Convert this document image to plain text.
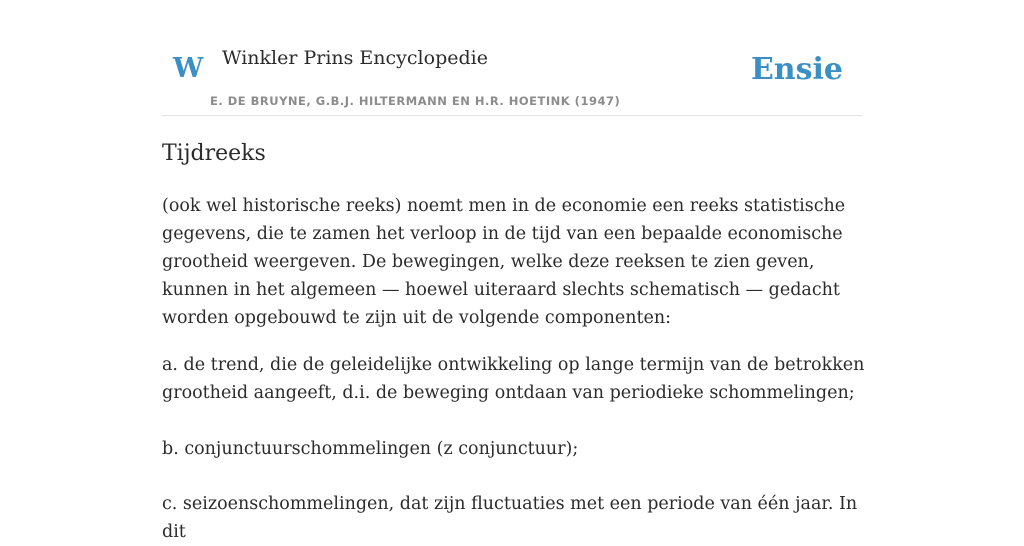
W Winkler Prins Encyclopedie
E. DE BRUYNE, G.B.J. HILTERMANN EN H.R. HOETINK (1947)
Ensie
Tijdreeks

(ook wel historische reeks) noemt men in de economie een reeks statistische gegevens, die te zamen het verloop in de tijd van een bepaalde economische grootheid weergeven. De bewegingen, welke deze reeksen te zien geven, kunnen in het algemeen — hoewel uiteraard slechts schematisch — gedacht worden opgebouwd te zijn uit de volgende componenten:

a. de trend, die de geleidelijke ontwikkeling op lange termijn van de betrokken grootheid aangeeft, d.i. de beweging ontdaan van periodieke schommelingen;

b. conjunctuurschommelingen (z conjunctuur);

c. seizoenschommelingen, dat zijn fluctuaties met een periode van één jaar. In dit
